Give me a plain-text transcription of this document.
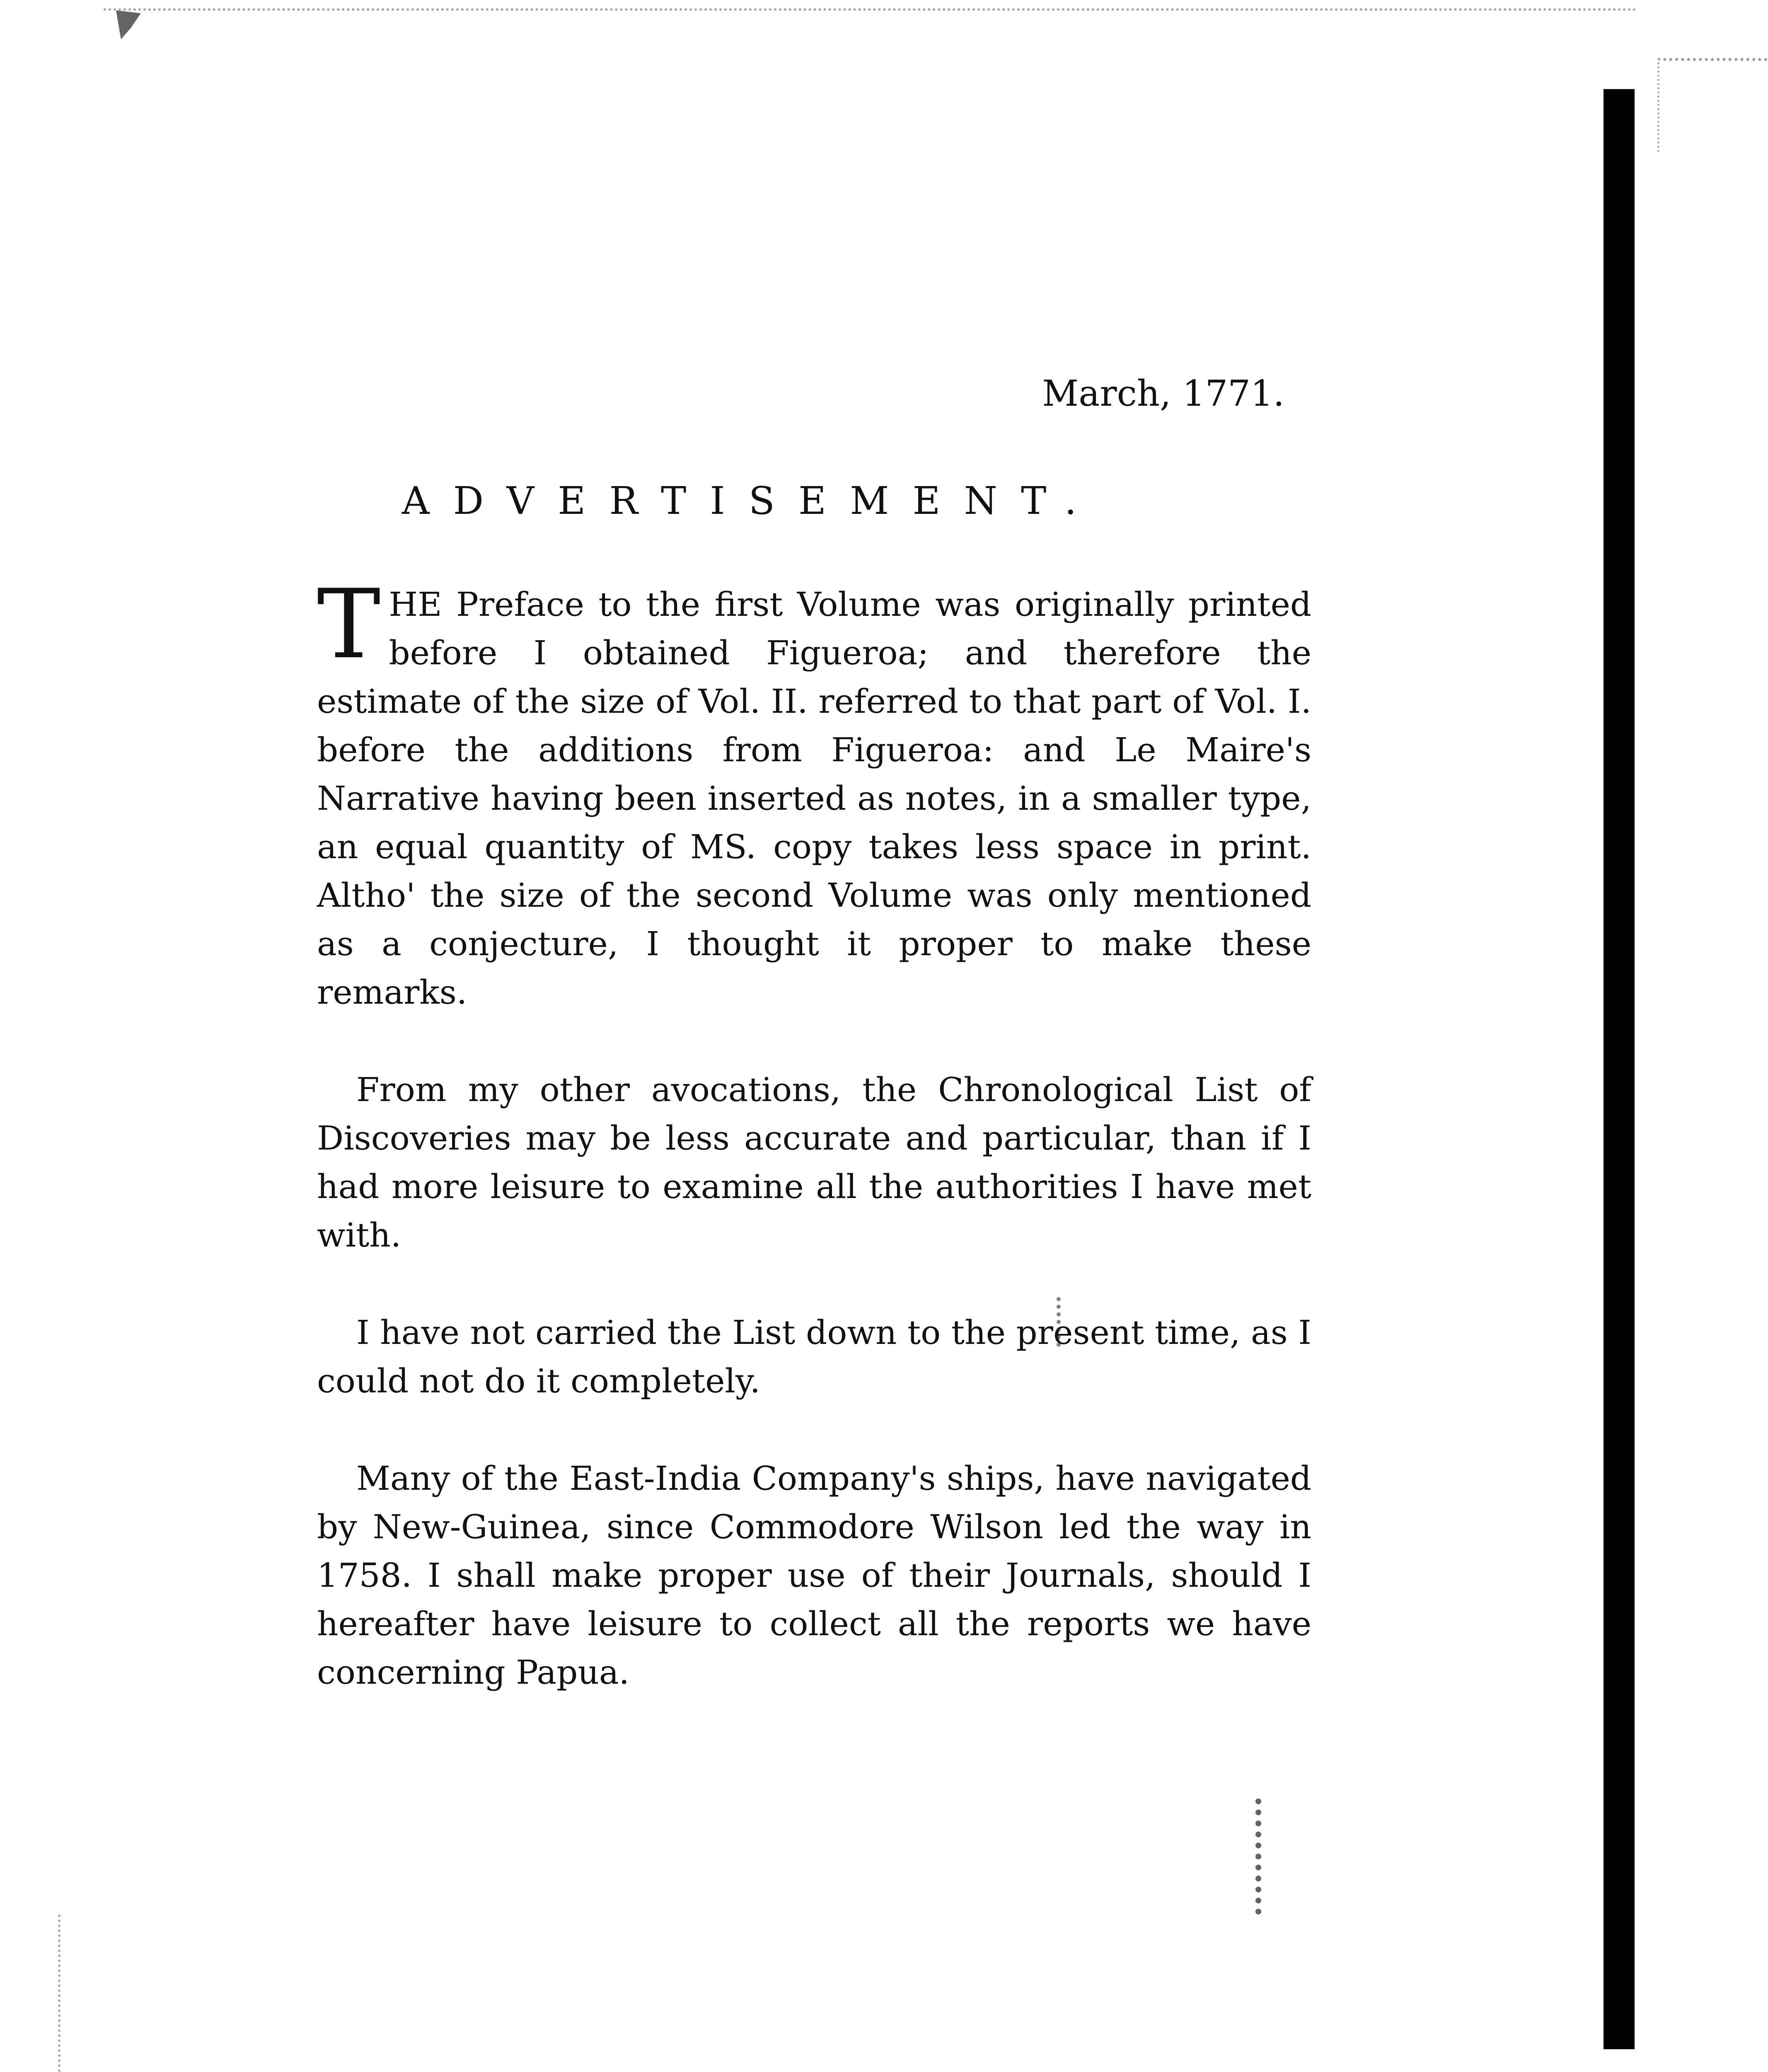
March, 1771.
ADVERTISEMENT.

THE Preface to the first Volume was originally printed before I obtained Figueroa; and therefore the estimate of the size of Vol. II. referred to that part of Vol. I. before the additions from Figueroa: and Le Maire's Narrative having been inserted as notes, in a smaller type, an equal quantity of MS. copy takes less space in print. Altho' the size of the second Volume was only mentioned as a conjecture, I thought it proper to make these remarks.

From my other avocations, the Chronological List of Discoveries may be less accurate and particular, than if I had more leisure to examine all the authorities I have met with.

I have not carried the List down to the present time, as I could not do it completely.

Many of the East-India Company's ships, have navigated by New-Guinea, since Commodore Wilson led the way in 1758. I shall make proper use of their Journals, should I hereafter have leisure to collect all the reports we have concerning Papua.
